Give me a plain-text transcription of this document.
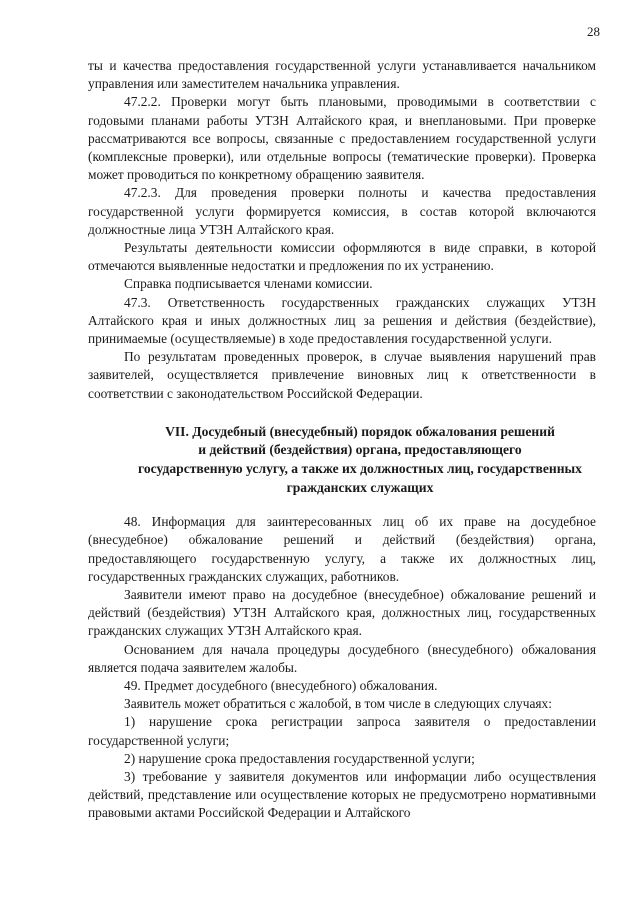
28

ты и качества предоставления государственной услуги устанавливается начальником управления или заместителем начальника управления.

47.2.2. Проверки могут быть плановыми, проводимыми в соответствии с годовыми планами работы УТЗН Алтайского края, и внеплановыми. При проверке рассматриваются все вопросы, связанные с предоставлением государственной услуги (комплексные проверки), или отдельные вопросы (тематические проверки). Проверка может проводиться по конкретному обращению заявителя.

47.2.3. Для проведения проверки полноты и качества предоставления государственной услуги формируется комиссия, в состав которой включаются должностные лица УТЗН Алтайского края.

Результаты деятельности комиссии оформляются в виде справки, в которой отмечаются выявленные недостатки и предложения по их устранению.

Справка подписывается членами комиссии.

47.3. Ответственность государственных гражданских служащих УТЗН Алтайского края и иных должностных лиц за решения и действия (бездействие), принимаемые (осуществляемые) в ходе предоставления государственной услуги.

По результатам проведенных проверок, в случае выявления нарушений прав заявителей, осуществляется привлечение виновных лиц к ответственности в соответствии с законодательством Российской Федерации.

VII. Досудебный (внесудебный) порядок обжалования решений
и действий (бездействия) органа, предоставляющего
государственную услугу, а также их должностных лиц, государственных
гражданских служащих

48. Информация для заинтересованных лиц об их праве на досудебное (внесудебное) обжалование решений и действий (бездействия) органа, предоставляющего государственную услугу, а также их должностных лиц, государственных гражданских служащих, работников.

Заявители имеют право на досудебное (внесудебное) обжалование решений и действий (бездействия) УТЗН Алтайского края, должностных лиц, государственных гражданских служащих УТЗН Алтайского края.

Основанием для начала процедуры досудебного (внесудебного) обжалования является подача заявителем жалобы.

49. Предмет досудебного (внесудебного) обжалования.

Заявитель может обратиться с жалобой, в том числе в следующих случаях:

1) нарушение срока регистрации запроса заявителя о предоставлении государственной услуги;

2) нарушение срока предоставления государственной услуги;

3) требование у заявителя документов или информации либо осуществления действий, представление или осуществление которых не предусмотрено нормативными правовыми актами Российской Федерации и Алтайского
